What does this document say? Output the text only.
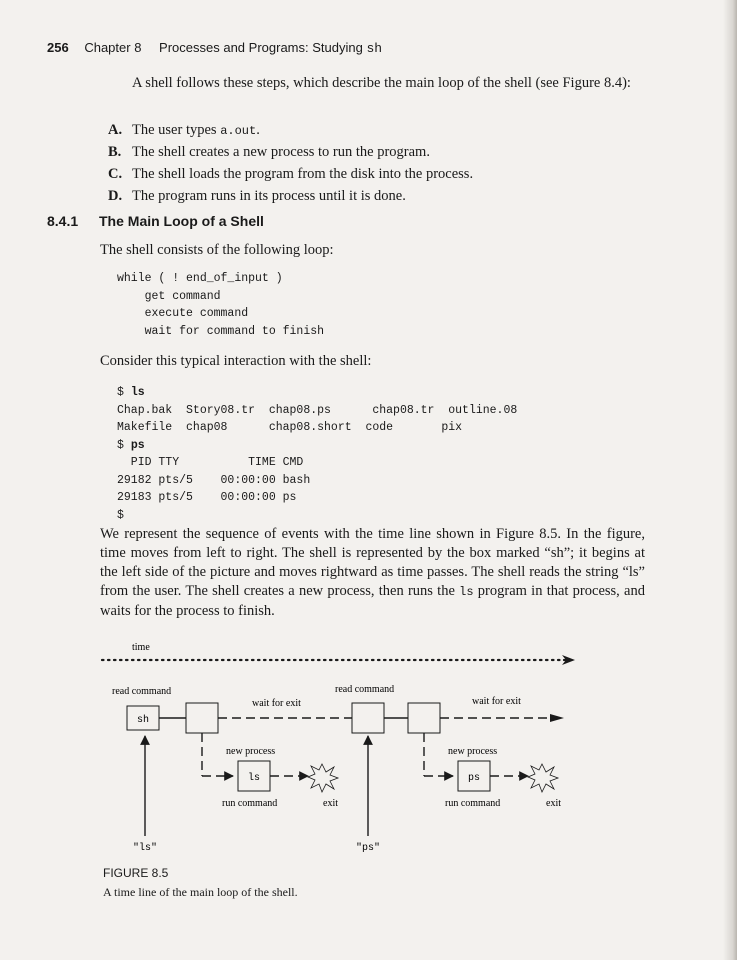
256 Chapter 8 Processes and Programs: Studying sh

A shell follows these steps, which describe the main loop of the shell (see Figure 8.4):

A. The user types a.out.
B. The shell creates a new process to run the program.
C. The shell loads the program from the disk into the process.
D. The program runs in its process until it is done.
8.4.1 The Main Loop of a Shell

The shell consists of the following loop:

while ( ! end_of_input )
get command
execute command
wait for command to finish

Consider this typical interaction with the shell:

$ ls
Chap.bak  Story08.tr  chap08.ps      chap08.tr  outline.08
Makefile  chap08      chap08.short  code       pix
$ ps
PID TTY          TIME CMD
29182 pts/5    00:00:00 bash
29183 pts/5    00:00:00 ps
$

We represent the sequence of events with the time line shown in Figure 8.5. In the figure, time moves from left to right. The shell is represented by the box marked “sh”; it begins at the left side of the picture and moves rightward as time passes. The shell reads the string “ls” from the user. The shell creates a new process, then runs the ls program in that process, and waits for the process to finish.

time
read command	read command
wait for exit	wait for exit
sh
new process
ls
run command	exit
new process
ps
run command	exit
"ls"	"ps"
FIGURE 8.5
A time line of the main loop of the shell.
